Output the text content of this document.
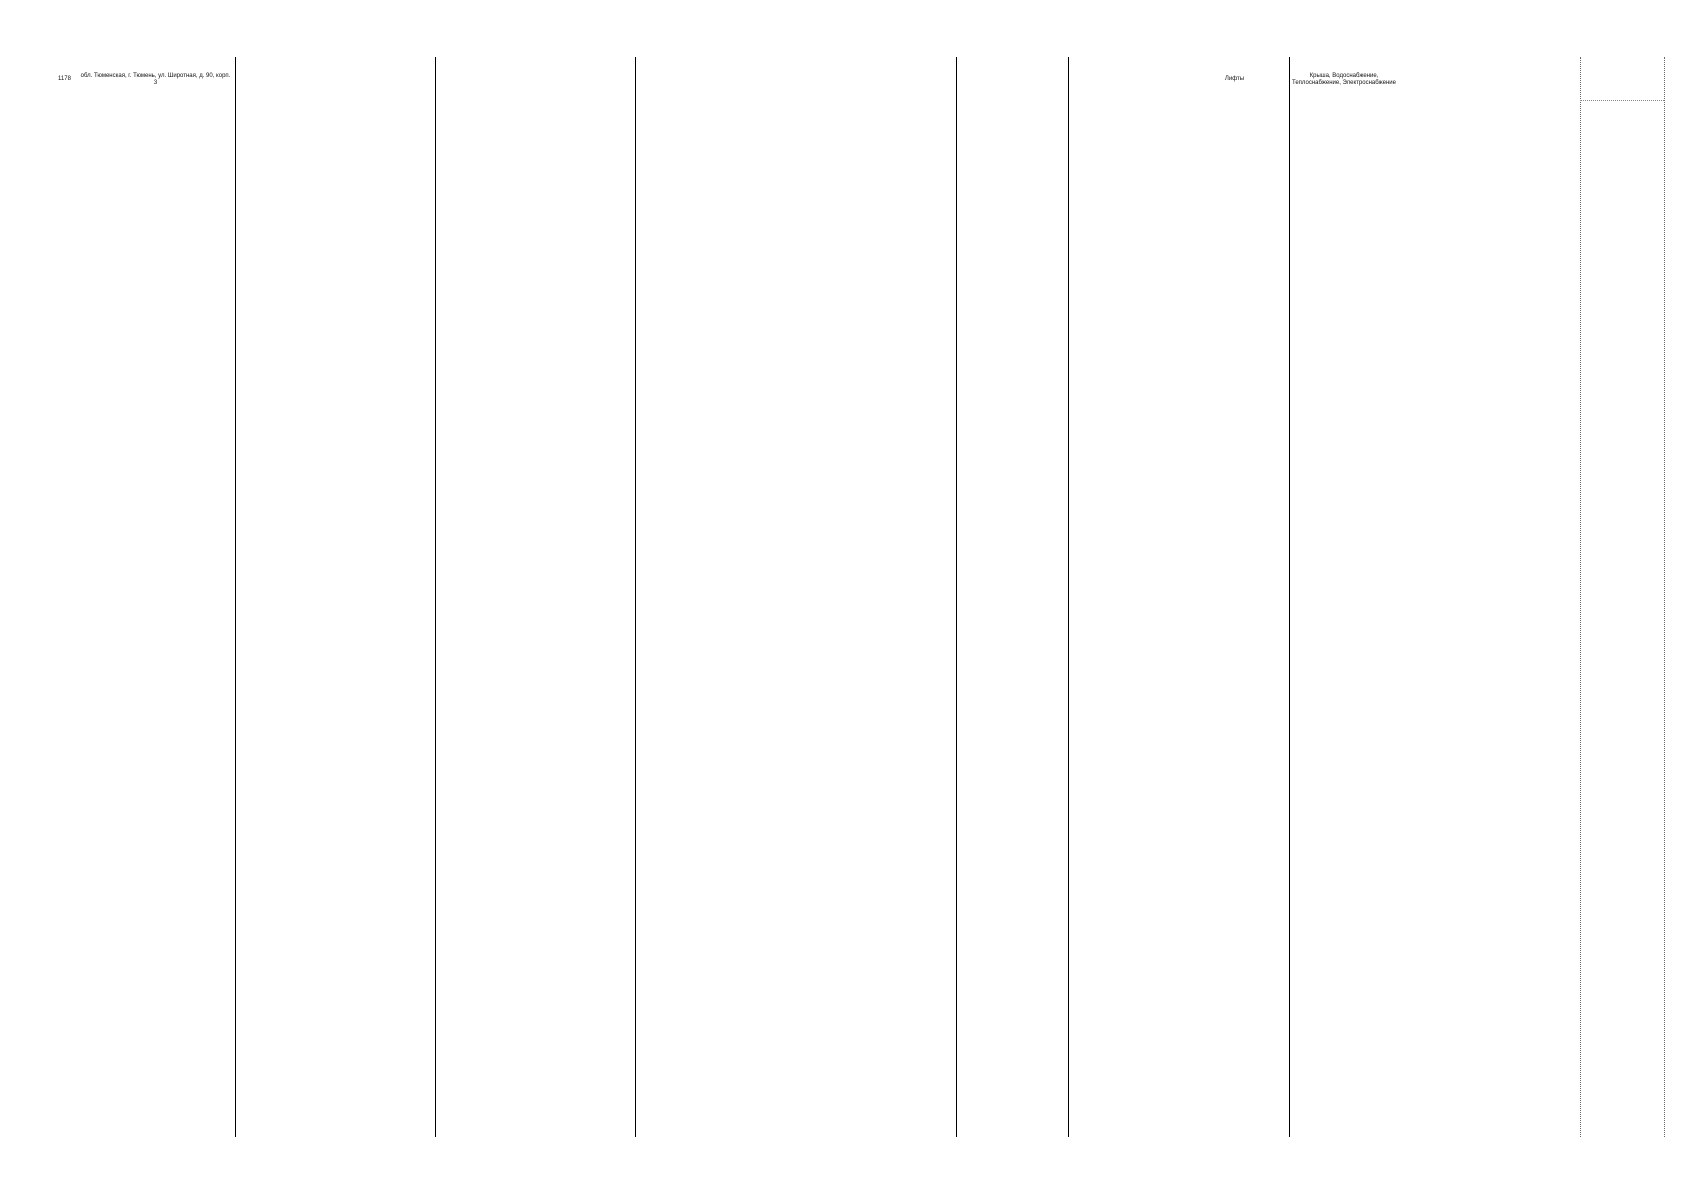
1178
обл. Тюменская, г. Тюмень, ул. Широтная, д. 90, корп. 3
Лифты
Крыша, Водоснабжение, Теплоснабжение, Электроснабжение
